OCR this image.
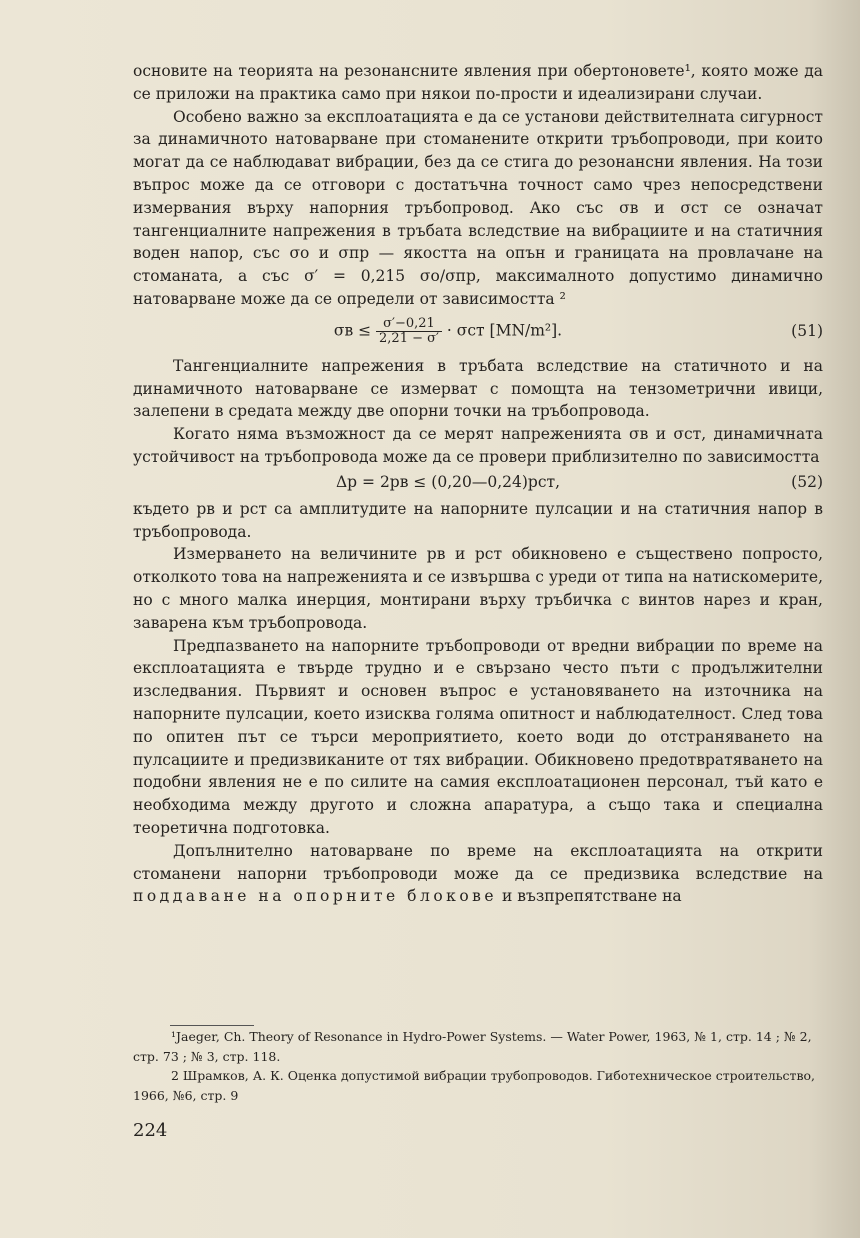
основите на теорията на резонансните явления при обертоновете¹, която може да се приложи на практика само при някои по-прости и идеализирани случаи.

Особено важно за експлоатацията е да се установи действителната сигурност за динамичното натоварване при стоманените открити тръбопроводи, при които могат да се наблюдават вибрации, без да се стига до резонансни явления. На този въпрос може да се отговори с достатъчна точност само чрез непосредствени измервания върху напорния тръбопровод. Ако със σв и σст се означат тангенциалните напрежения в тръбата вследствие на вибрациите и на статичния воден напор, със σо и σпр — якостта на опън и границата на провлачане на стоманата, а със σ′ = 0,215 σо/σпр, максималното допустимо динамично натоварване може да се определи от зависимостта ²

$\sigma в \le \frac{\sigma'-0,21}{2,21 - \sigma'} \cdot \sigma ст$ [MN/m²].	(51)

Тангенциалните напрежения в тръбата вследствие на статичното и на динамичното натоварване се измерват с помощта на тензометрични ивици, залепени в средата между две опорни точки на тръбопровода.

Когато няма възможност да се мерят напреженията σв и σст, динамичната устойчивост на тръбопровода може да се провери приблизително по зависимостта

Δp = 2pв ≤ (0,20—0,24)pст,	(52)

където pв и pст са амплитудите на напорните пулсации и на статичния напор в тръбопровода.

Измерването на величините pв и pст обикновено е съществено попросто, отколкото това на напреженията и се извършва с уреди от типа на натискомерите, но с много малка инерция, монтирани върху тръбичка с винтов нарез и кран, заварена към тръбопровода.

Предпазването на напорните тръбопроводи от вредни вибрации по време на експлоатацията е твърде трудно и е свързано често пъти с продължителни изследвания. Първият и основен въпрос е установяването на източника на напорните пулсации, което изисква голяма опитност и наблюдателност. След това по опитен път се търси мероприятието, което води до отстраняването на пулсациите и предизвиканите от тях вибрации. Обикновено предотвратяването на подобни явления не е по силите на самия експлоатационен персонал, тъй като е необходима между другото и сложна апаратура, а също така и специална теоретична подготовка.

Допълнително натоварване по време на експлоатацията на открити стоманени напорни тръбопроводи може да се предизвика вследствие на поддаване на опорните блокове и възпрепятстване на

¹Jaeger, Ch. Theory of Resonance in Hydro-Power Systems. — Water Power, 1963, № 1, стр. 14 ; № 2, стр. 73 ; № 3, стр. 118.

2 Шрамков, А. К. Оценка допустимой вибрации трубопроводов. Гиботехническое строительство, 1966, №6, стр. 9

224
